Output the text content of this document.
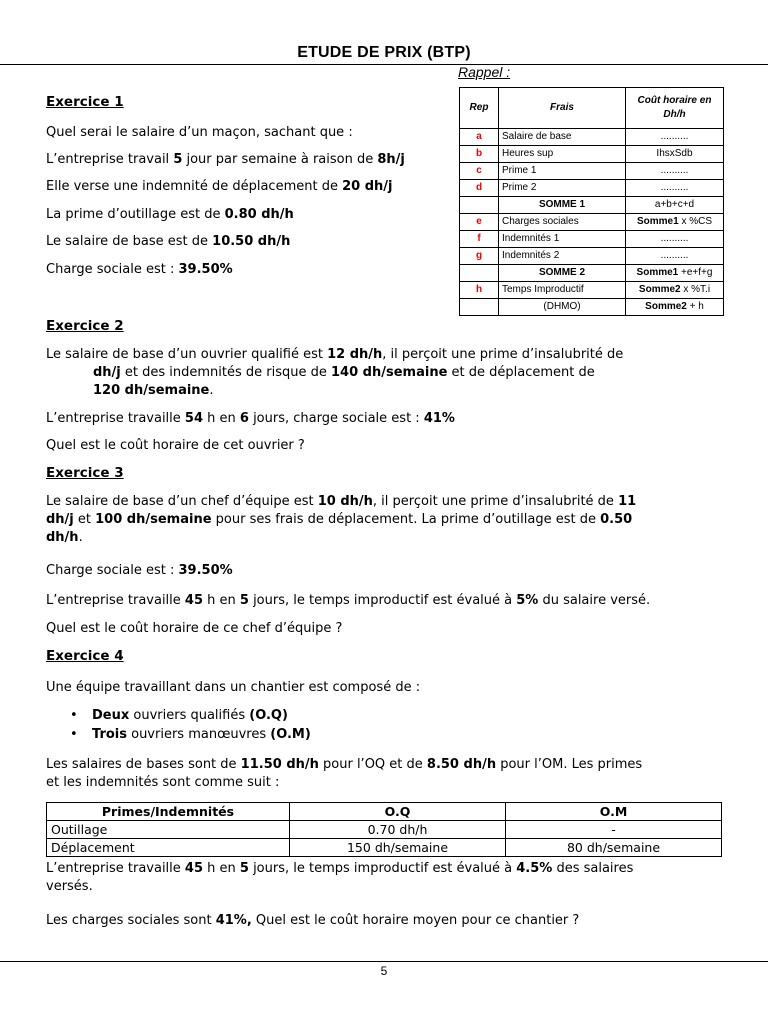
ETUDE DE PRIX (BTP)
Rappel :
Rep	Frais	Coût horaire en Dh/h
a	Salaire de base	..........
b	Heures sup	IhsxSdb
c	Prime 1	..........
d	Prime 2	..........
	SOMME 1	a+b+c+d
e	Charges sociales	Somme1 x %CS
f	Indemnités 1	..........
g	Indemnités 2	..........
	SOMME 2	Somme1 +e+f+g
h	Temps Improductif	Somme2 x %T.i
	(DHMO)	Somme2 + h
Exercice 1
Quel serai le salaire d’un maçon, sachant que :
L’entreprise travail 5 jour par semaine à raison de 8h/j
Elle verse une indemnité de déplacement de 20 dh/j
La prime d’outillage est de 0.80 dh/h
Le salaire de base est de 10.50 dh/h
Charge sociale est : 39.50%
Exercice 2
Le salaire de base d’un ouvrier qualifié est 12 dh/h, il perçoit une prime d’insalubrité de

dh/j et des indemnités de risque de 140 dh/semaine et de déplacement de
120 dh/semaine.
L’entreprise travaille 54 h en 6 jours, charge sociale est : 41%
Quel est le coût horaire de cet ouvrier ?
Exercice 3
Le salaire de base d’un chef d’équipe est 10 dh/h, il perçoit une prime d’insalubrité de 11
dh/j et 100 dh/semaine pour ses frais de déplacement. La prime d’outillage est de 0.50
dh/h.
Charge sociale est : 39.50%
L’entreprise travaille 45 h en 5 jours, le temps improductif est évalué à 5% du salaire versé.
Quel est le coût horaire de ce chef d’équipe ?
Exercice 4
Une équipe travaillant dans un chantier est composé de :
• Deux ouvriers qualifiés (O.Q)
• Trois ouvriers manœuvres (O.M)
Les salaires de bases sont de 11.50 dh/h pour l’OQ et de 8.50 dh/h pour l’OM. Les primes
et les indemnités sont comme suit :
Primes/Indemnités	O.Q	O.M
Outillage	0.70 dh/h	-
Déplacement	150 dh/semaine	80 dh/semaine
L’entreprise travaille 45 h en 5 jours, le temps improductif est évalué à 4.5% des salaires
versés.
Les charges sociales sont 41%, Quel est le coût horaire moyen pour ce chantier ?
5
